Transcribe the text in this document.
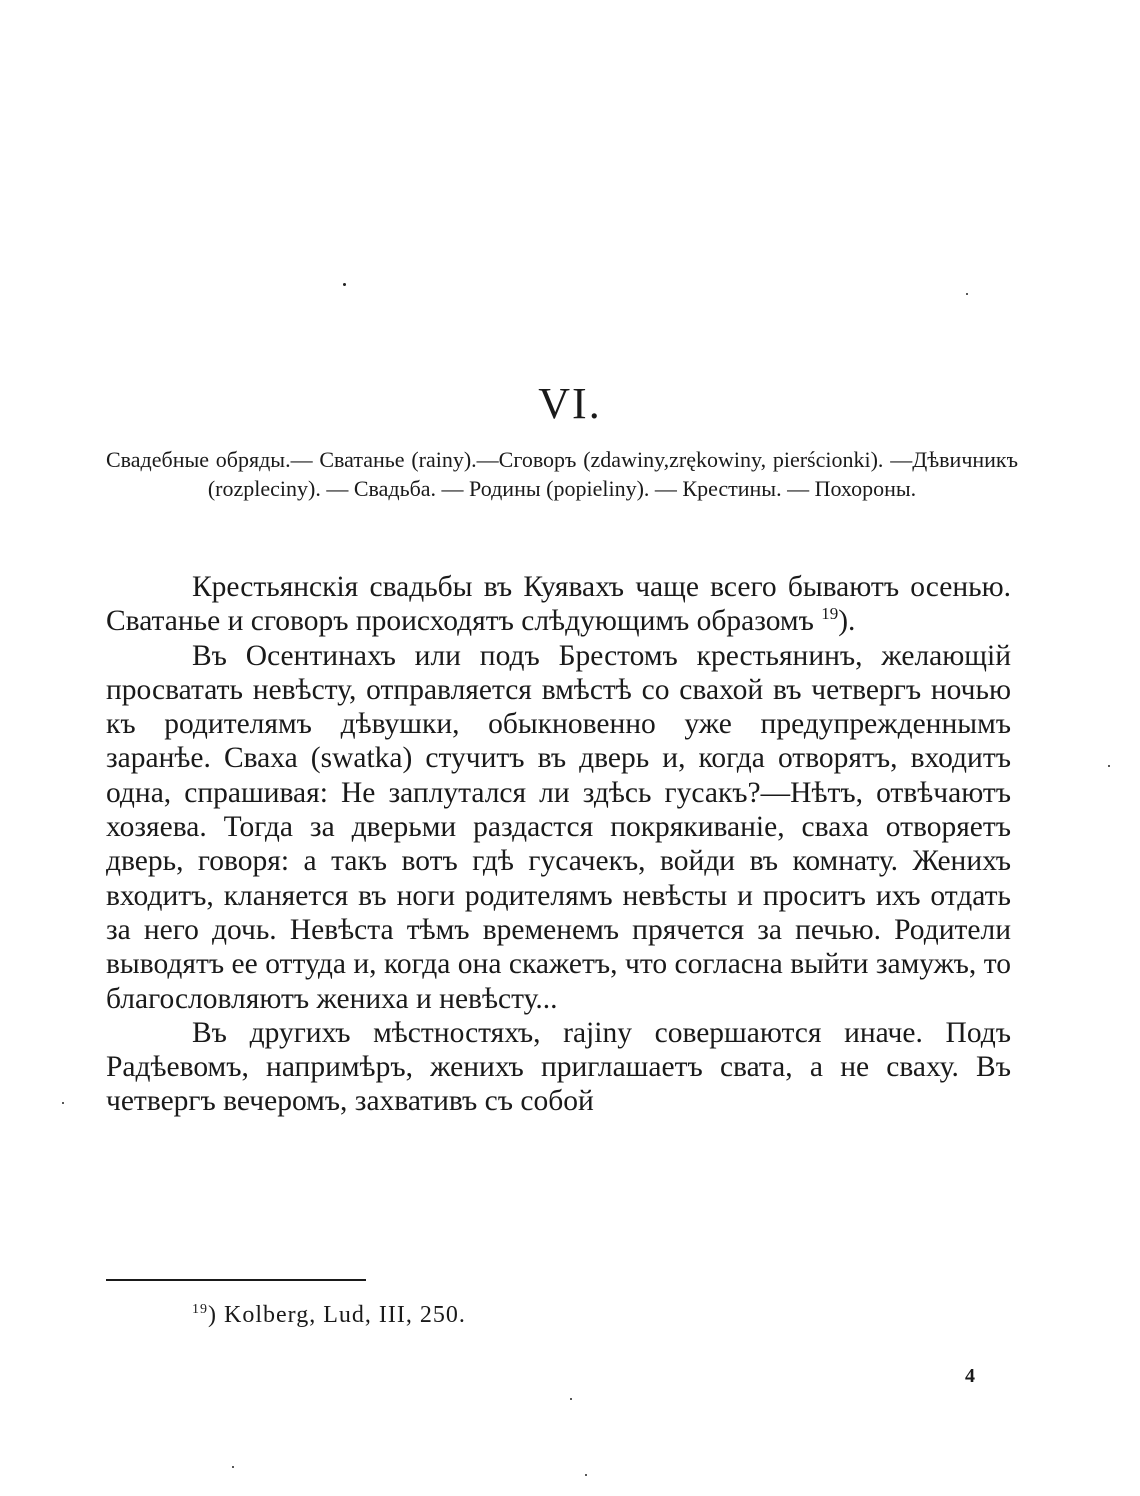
VI.
Свадебные обряды.— Сватанье (rainy).—Сговоръ (zdawiny,zrękowiny, pierścionki). —Дѣвичникъ (rozpleciny). — Свадьба. — Родины (popieliny). — Крестины. — Похороны.

Крестьянскія свадьбы въ Куявахъ чаще всего бываютъ осенью. Сватанье и сговоръ происходятъ слѣдующимъ образомъ $^{19}$).

Въ Осентинахъ или подъ Брестомъ крестьянинъ, желающій просватать невѣсту, отправляется вмѣстѣ со свахой въ четвергъ ночью къ родителямъ дѣвушки, обыкновенно уже предупрежденнымъ заранѣе. Сваха (swatka) стучитъ въ дверь и, когда отворятъ, входитъ одна, спрашивая: Не заплутался ли здѣсь гусакъ?—Нѣтъ, отвѣчаютъ хозяева. Тогда за дверьми раздастся покрякиваніе, сваха отворяетъ дверь, говоря: а такъ вотъ гдѣ гусачекъ, войди въ комнату. Женихъ входитъ, кланяется въ ноги родителямъ невѣсты и проситъ ихъ отдать за него дочь. Невѣста тѣмъ временемъ прячется за печью. Родители выводятъ ее оттуда и, когда она скажетъ, что согласна выйти замужъ, то благословляютъ жениха и невѣсту...

Въ другихъ мѣстностяхъ, rajiny совершаются иначе. Подъ Радѣевомъ, напримѣръ, женихъ приглашаетъ свата, а не сваху. Въ четвергъ вечеромъ, захвативъ съ собой

$^{19}$) Kolberg, Lud, III, 250.
4
